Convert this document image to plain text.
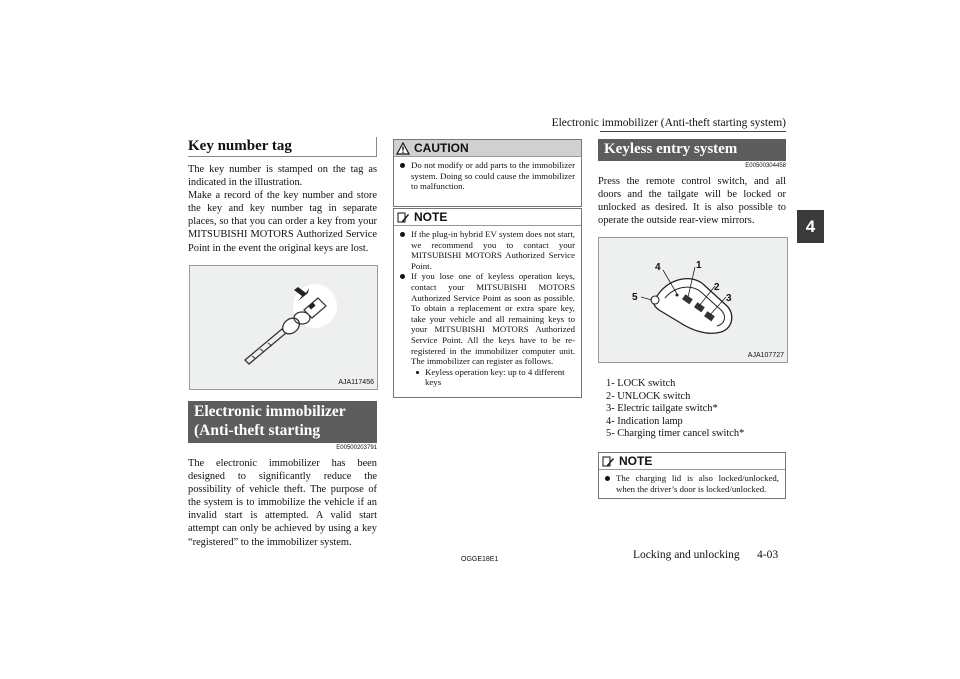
Electronic immobilizer (Anti-theft starting system)
4
Key number tag
The key number is stamped on the tag as indicated in the illustration.
Make a record of the key number and store the key and key number tag in separate places, so that you can order a key from your MITSUBISHI MOTORS Authorized Service Point in the event the original keys are lost.
AJA117456
Electronic immobilizer
(Anti-theft starting system)	E00500203791
The electronic immobilizer has been designed to significantly reduce the possibility of vehicle theft. The purpose of the system is to immobilize the vehicle if an invalid start is attempted. A valid start attempt can only be achieved by using a key “registered” to the immobilizer system.
CAUTION
Do not modify or add parts to the immobilizer system. Doing so could cause the immobilizer to malfunction.
NOTE
If the plug-in hybrid EV system does not start, we recommend you to contact your MITSUBISHI MOTORS Authorized Service Point.
If you lose one of keyless operation keys, contact your MITSUBISHI MOTORS Authorized Service Point as soon as possible. To obtain a replacement or extra spare key, take your vehicle and all remaining keys to your MITSUBISHI MOTORS Authorized Service Point. All the keys have to be re-registered in the immobilizer computer unit. The immobilizer can register as follows.
Keyless operation key: up to 4 different keys
Keyless entry system
E00500304458
Press the remote control switch, and all doors and the tailgate will be locked or unlocked as desired. It is also possible to operate the outside rear-view mirrors.
4	1
5
2
3
AJA107727
1- LOCK switch
2- UNLOCK switch
3- Electric tailgate switch*
4- Indication lamp
5- Charging timer cancel switch*
NOTE
The charging lid is also locked/unlocked, when the driver’s door is locked/unlocked.
OGGE18E1	Locking and unlocking 4-03
